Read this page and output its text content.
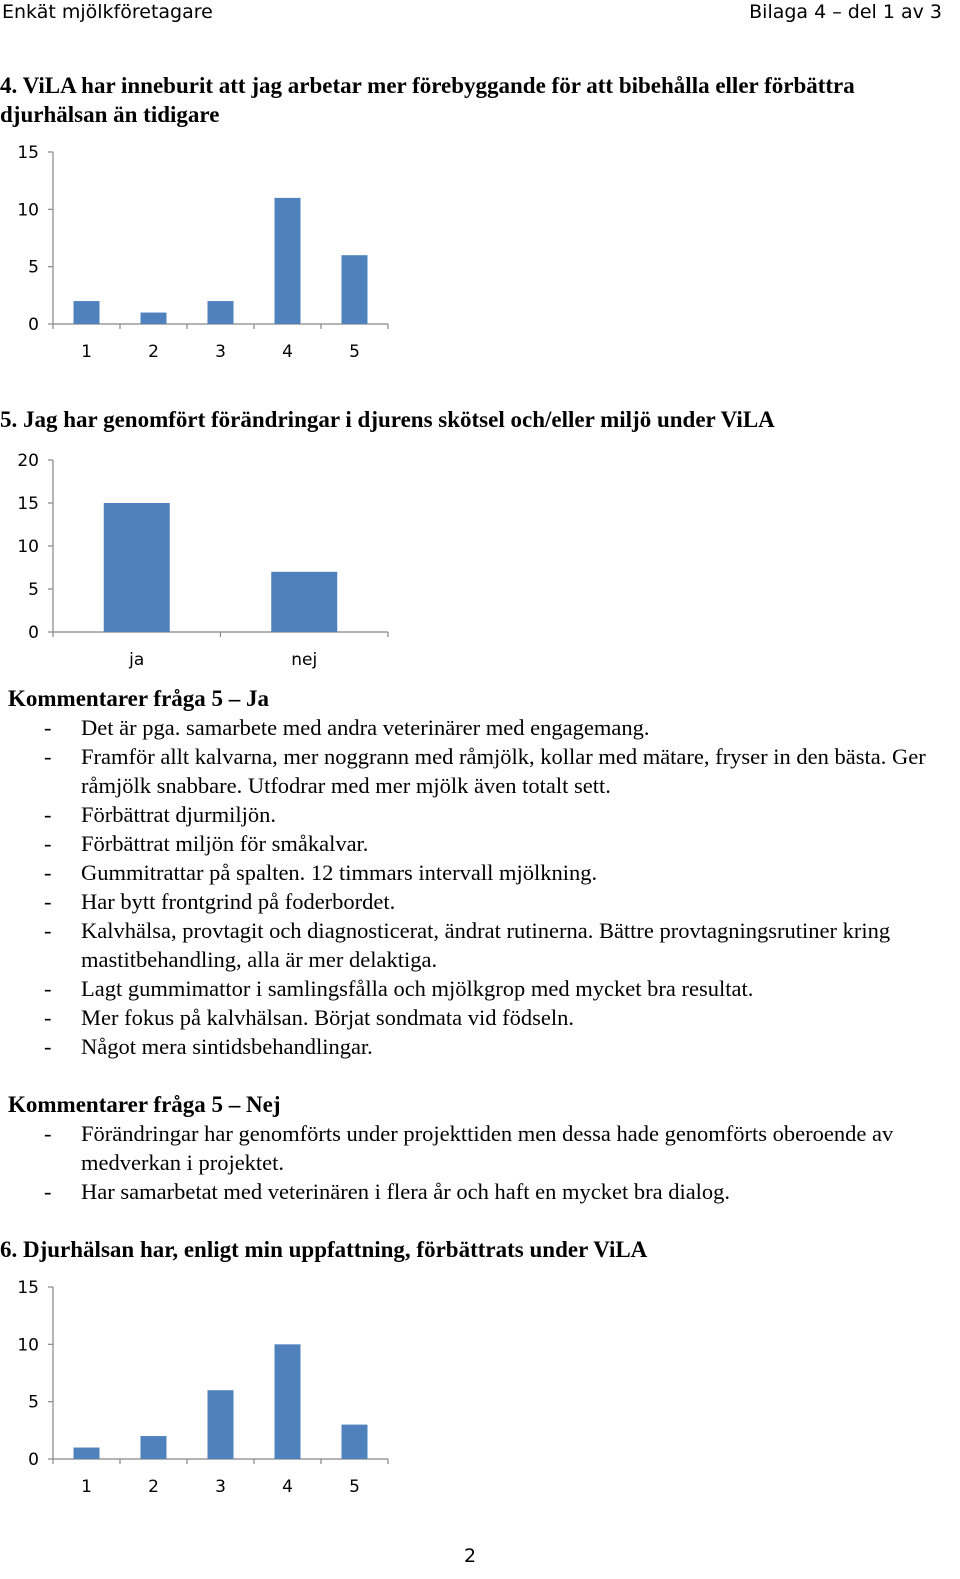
Enkät mjölkföretagare	Bilaga 4 – del 1 av 3
4. ViLA har inneburit att jag arbetar mer förebyggande för att bibehålla eller förbättra djurhälsan än tidigare
0
5
10
15
1	2	3	4	5
5. Jag har genomfört förändringar i djurens skötsel och/eller miljö under ViLA
0
5
10
15
20
ja	nej
Kommentarer fråga 5 – Ja
- Det är pga. samarbete med andra veterinärer med engagemang.
- Framför allt kalvarna, mer noggrann med råmjölk, kollar med mätare, fryser in den bästa. Ger råmjölk snabbare. Utfodrar med mer mjölk även totalt sett.
- Förbättrat djurmiljön.
- Förbättrat miljön för småkalvar.
- Gummitrattar på spalten. 12 timmars intervall mjölkning.
- Har bytt frontgrind på foderbordet.
- Kalvhälsa, provtagit och diagnosticerat, ändrat rutinerna. Bättre provtagningsrutiner kring mastitbehandling, alla är mer delaktiga.
- Lagt gummimattor i samlingsfålla och mjölkgrop med mycket bra resultat.
- Mer fokus på kalvhälsan. Börjat sondmata vid födseln.
- Något mera sintidsbehandlingar.
Kommentarer fråga 5 – Nej
- Förändringar har genomförts under projekttiden men dessa hade genomförts oberoende av medverkan i projektet.
- Har samarbetat med veterinären i flera år och haft en mycket bra dialog.
6. Djurhälsan har, enligt min uppfattning, förbättrats under ViLA
0
5
10
15
1	2	3	4	5
2
